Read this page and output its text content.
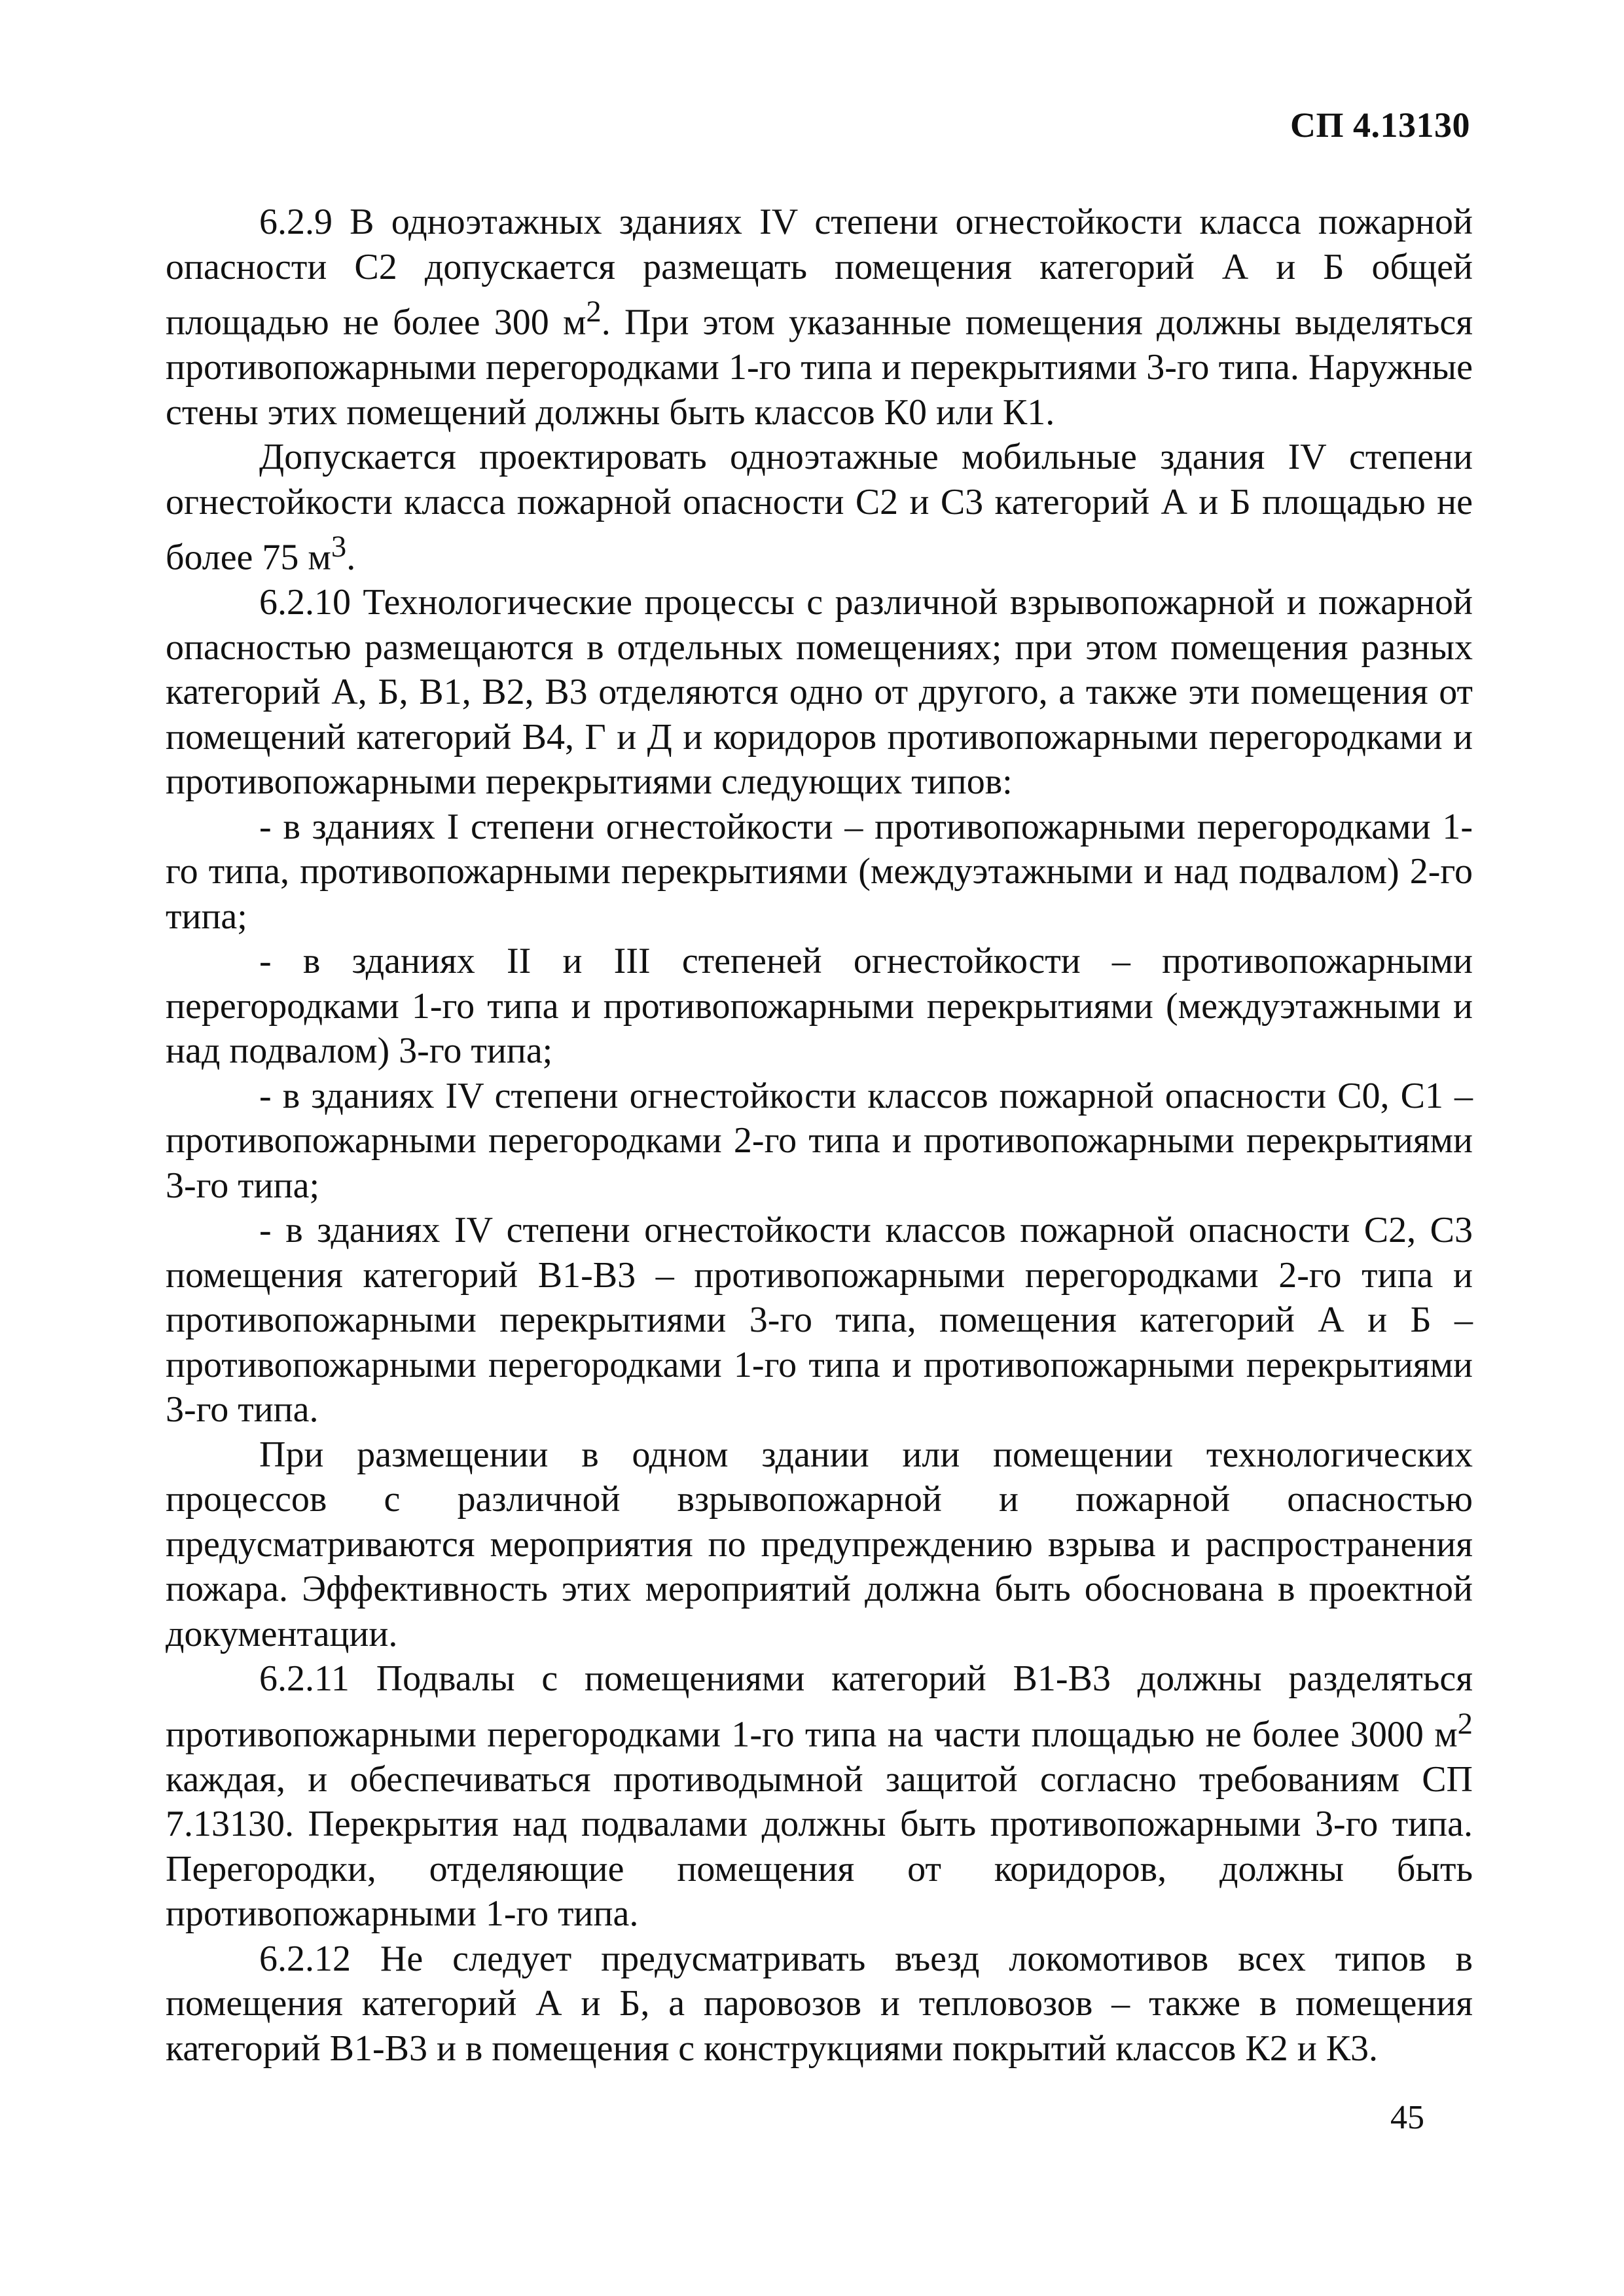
СП 4.13130

6.2.9 В одноэтажных зданиях IV степени огнестойкости класса пожарной опасности С2 допускается размещать помещения категорий А и Б общей площадью не более 300 $м^2$. При этом указанные помещения должны выделяться противопожарными перегородками 1-го типа и перекрытиями 3-го типа. Наружные стены этих помещений должны быть классов К0 или К1.

Допускается проектировать одноэтажные мобильные здания IV степени огнестойкости класса пожарной опасности С2 и С3 категорий А и Б площадью не более 75 $м^3$.

6.2.10 Технологические процессы с различной взрывопожарной и пожарной опасностью размещаются в отдельных помещениях; при этом помещения разных категорий А, Б, В1, В2, В3 отделяются одно от другого, а также эти помещения от помещений категорий В4, Г и Д и коридоров противопожарными перегородками и противопожарными перекрытиями следующих типов:

- в зданиях I степени огнестойкости – противопожарными перегородками 1-го типа, противопожарными перекрытиями (междуэтажными и над подвалом) 2-го типа;

- в зданиях II и III степеней огнестойкости – противопожарными перегородками 1-го типа и противопожарными перекрытиями (междуэтажными и над подвалом) 3-го типа;

- в зданиях IV степени огнестойкости классов пожарной опасности С0, С1 – противопожарными перегородками 2-го типа и противопожарными перекрытиями 3-го типа;

- в зданиях IV степени огнестойкости классов пожарной опасности С2, С3 помещения категорий В1-В3 – противопожарными перегородками 2-го типа и противопожарными перекрытиями 3-го типа, помещения категорий А и Б – противопожарными перегородками 1-го типа и противопожарными перекрытиями 3-го типа.

При размещении в одном здании или помещении технологических процессов с различной взрывопожарной и пожарной опасностью предусматриваются мероприятия по предупреждению взрыва и распространения пожара. Эффективность этих мероприятий должна быть обоснована в проектной документации.

6.2.11 Подвалы с помещениями категорий В1-В3 должны разделяться противопожарными перегородками 1-го типа на части площадью не более 3000 $м^2$ каждая, и обеспечиваться противодымной защитой согласно требованиям СП 7.13130. Перекрытия над подвалами должны быть противопожарными 3-го типа. Перегородки, отделяющие помещения от коридоров, должны быть противопожарными 1-го типа.

6.2.12 Не следует предусматривать въезд локомотивов всех типов в помещения категорий А и Б, а паровозов и тепловозов – также в помещения категорий В1-В3 и в помещения с конструкциями покрытий классов К2 и К3.

45
